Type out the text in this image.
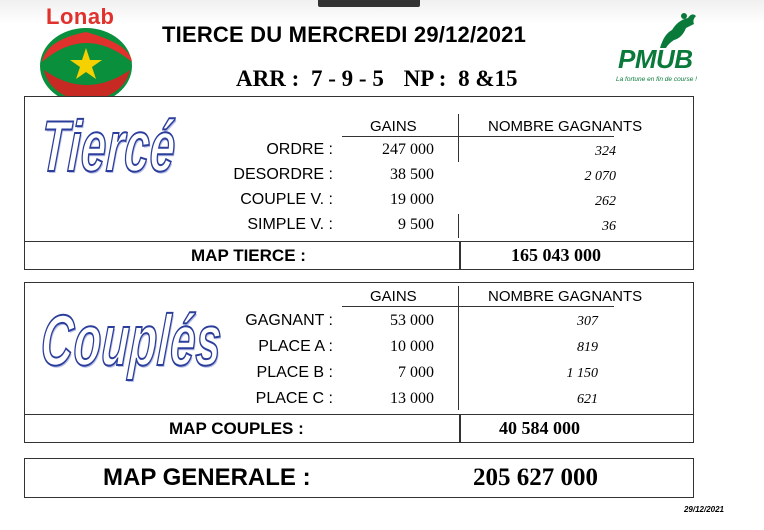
Lonab
PMUB
La fortune en fin de course !
TIERCE DU MERCREDI 29/12/2021
ARR : 7 - 9 - 5 NP : 8 &15
Tiercé	GAINS	NOMBRE GAGNANTS
ORDRE :	247 000	324
DESORDRE :	38 500	2 070
COUPLE V. :	19 000	262
SIMPLE V. :	9 500	36
MAP TIERCE :	165 043 000
Couplés
GAINS	NOMBRE GAGNANTS
GAGNANT :	53 000	307
PLACE A :	10 000	819
PLACE B :	7 000	1 150
PLACE C :	13 000	621
MAP COUPLES :	40 584 000
MAP GENERALE :	205 627 000
29/12/2021
